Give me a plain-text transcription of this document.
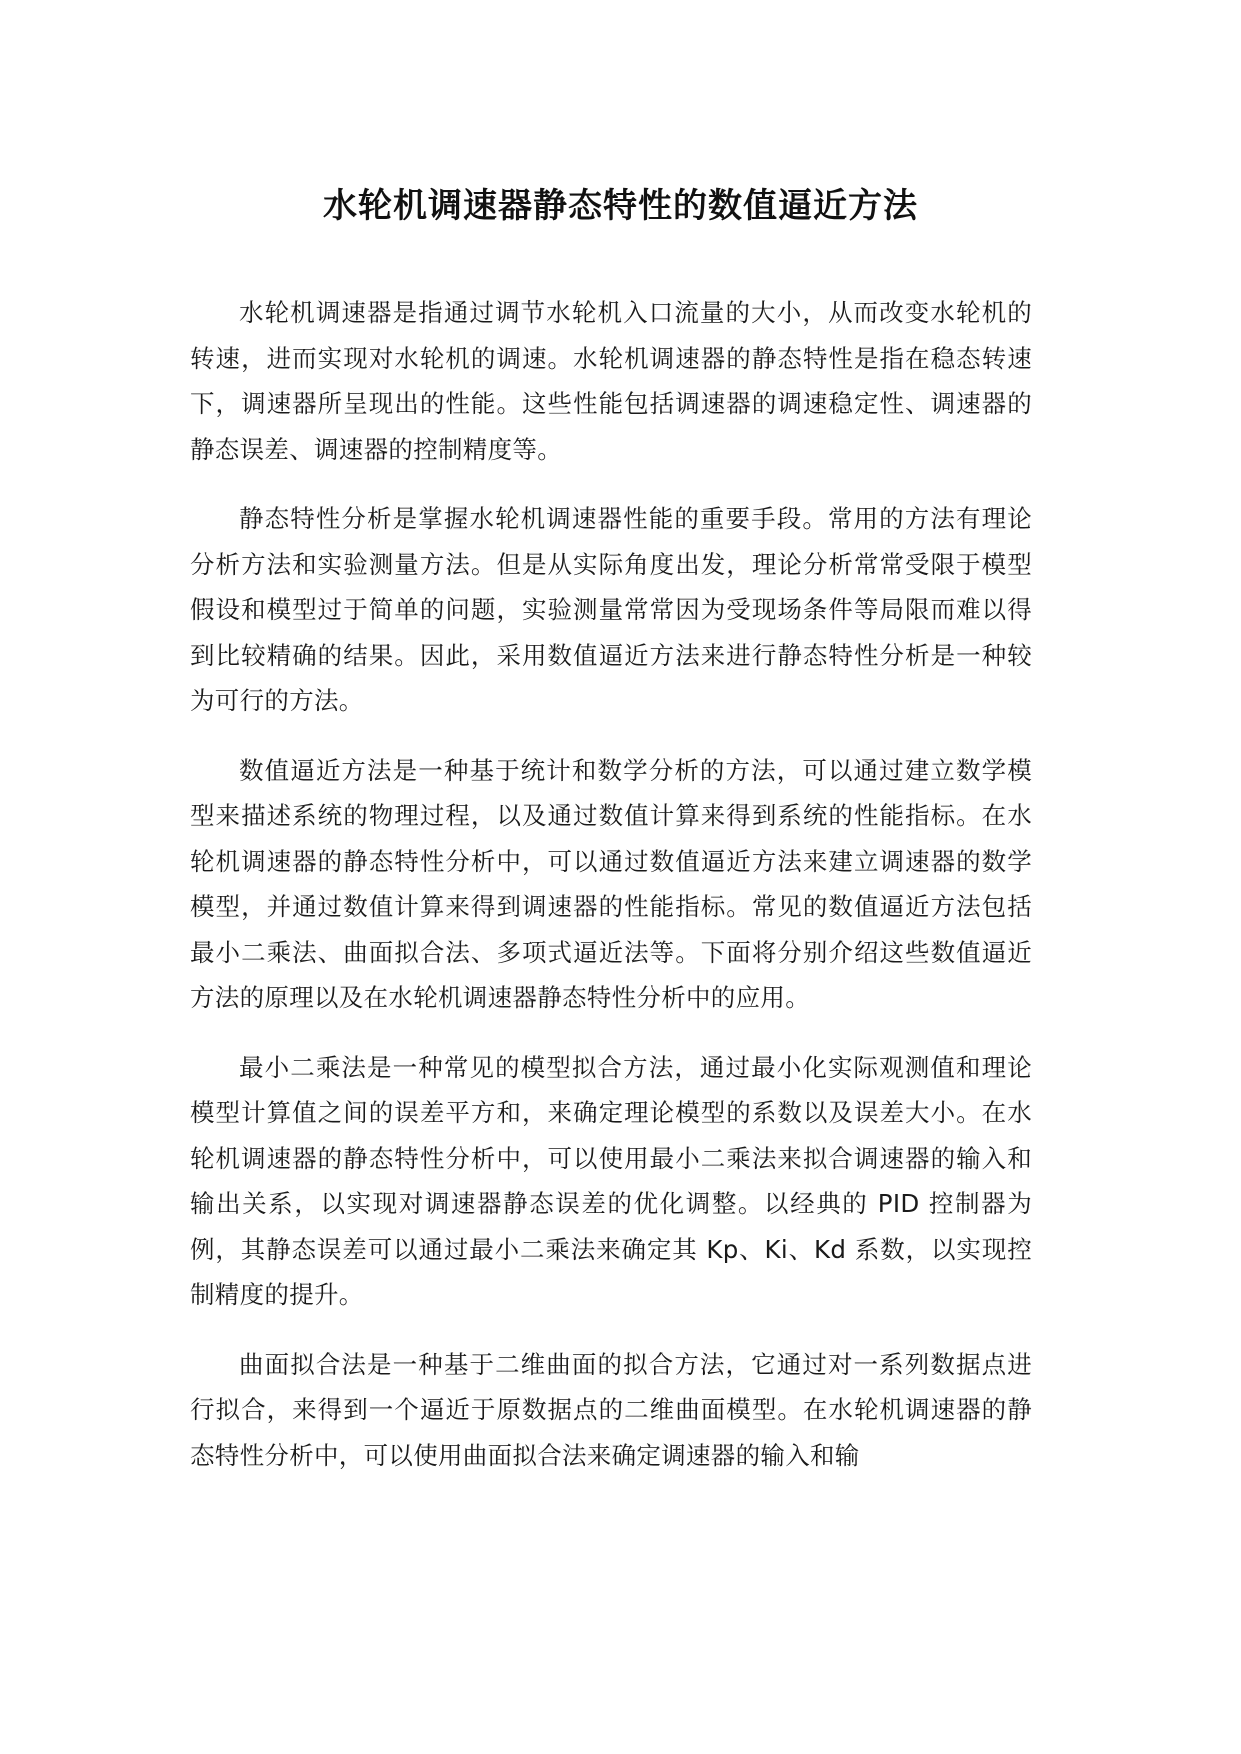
水轮机调速器静态特性的数值逼近方法

水轮机调速器是指通过调节水轮机入口流量的大小，从而改变水轮机的转速，进而实现对水轮机的调速。水轮机调速器的静态特性是指在稳态转速下，调速器所呈现出的性能。这些性能包括调速器的调速稳定性、调速器的静态误差、调速器的控制精度等。

静态特性分析是掌握水轮机调速器性能的重要手段。常用的方法有理论分析方法和实验测量方法。但是从实际角度出发，理论分析常常受限于模型假设和模型过于简单的问题，实验测量常常因为受现场条件等局限而难以得到比较精确的结果。因此，采用数值逼近方法来进行静态特性分析是一种较为可行的方法。

数值逼近方法是一种基于统计和数学分析的方法，可以通过建立数学模型来描述系统的物理过程，以及通过数值计算来得到系统的性能指标。在水轮机调速器的静态特性分析中，可以通过数值逼近方法来建立调速器的数学模型，并通过数值计算来得到调速器的性能指标。常见的数值逼近方法包括最小二乘法、曲面拟合法、多项式逼近法等。下面将分别介绍这些数值逼近方法的原理以及在水轮机调速器静态特性分析中的应用。

最小二乘法是一种常见的模型拟合方法，通过最小化实际观测值和理论模型计算值之间的误差平方和，来确定理论模型的系数以及误差大小。在水轮机调速器的静态特性分析中，可以使用最小二乘法来拟合调速器的输入和输出关系，以实现对调速器静态误差的优化调整。以经典的 PID 控制器为例，其静态误差可以通过最小二乘法来确定其 Kp、Ki、Kd 系数，以实现控制精度的提升。

曲面拟合法是一种基于二维曲面的拟合方法，它通过对一系列数据点进行拟合，来得到一个逼近于原数据点的二维曲面模型。在水轮机调速器的静态特性分析中，可以使用曲面拟合法来确定调速器的输入和输
